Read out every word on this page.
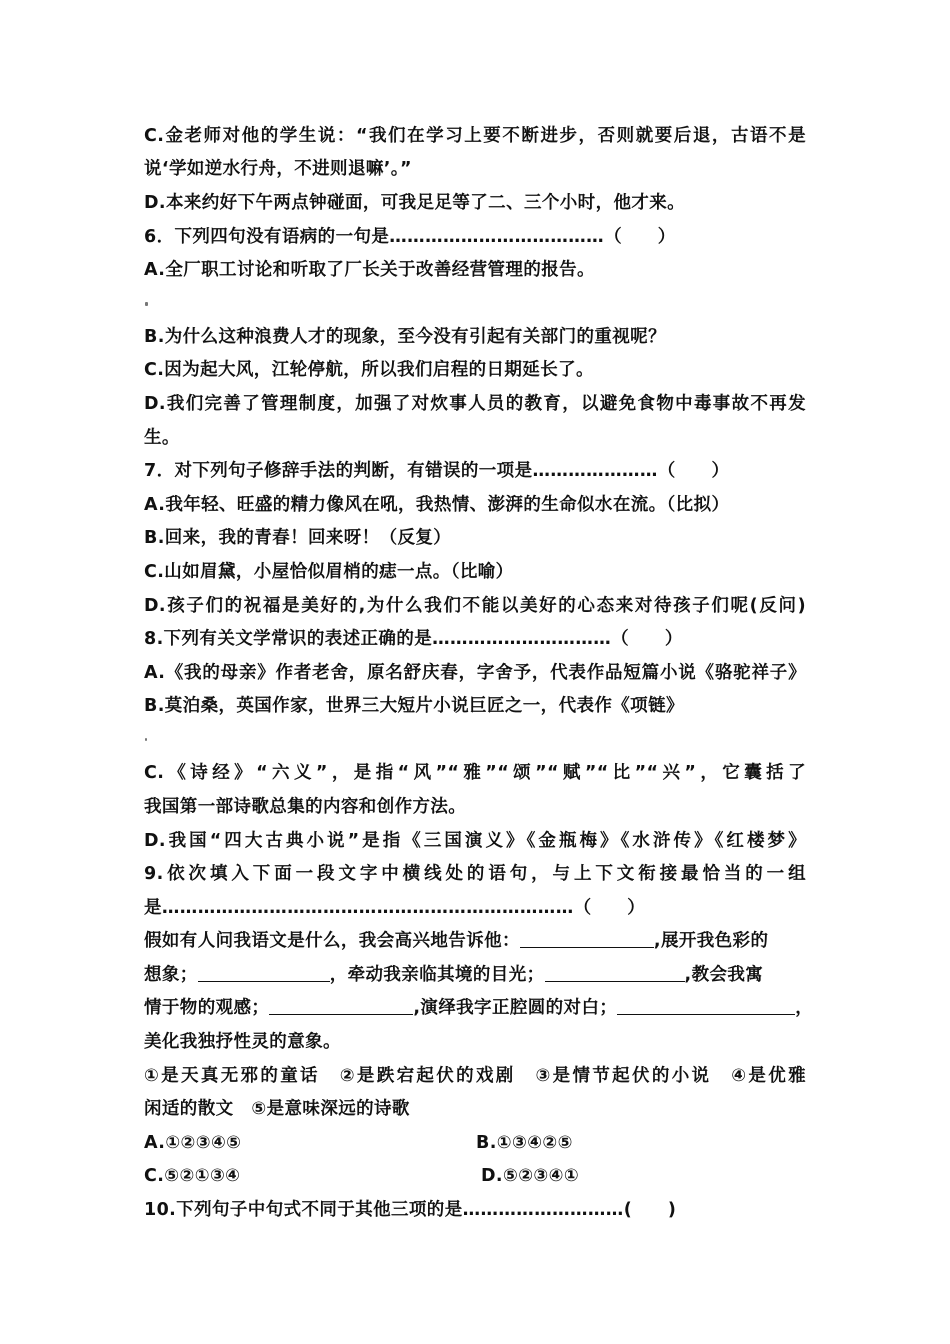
C.金老师对他的学生说：“我们在学习上要不断进步，否则就要后退，古语不是
说‘学如逆水行舟，不进则退嘛’。”
D.本来约好下午两点钟碰面，可我足足等了二、三个小时，他才来。
6．下列四句没有语病的一句是………………………………（　　）
A.全厂职工讨论和听取了厂长关于改善经营管理的报告。
B.为什么这种浪费人才的现象，至今没有引起有关部门的重视呢？
C.因为起大风，江轮停航，所以我们启程的日期延长了。
D.我们完善了管理制度，加强了对炊事人员的教育，以避免食物中毒事故不再发
生。
7．对下列句子修辞手法的判断，有错误的一项是…………………（　　）
A.我年轻、旺盛的精力像风在吼，我热情、澎湃的生命似水在流。（比拟）
B.回来，我的青春！回来呀！（反复）
C.山如眉黛，小屋恰似眉梢的痣一点。（比喻）
D.孩子们的祝福是美好的,为什么我们不能以美好的心态来对待孩子们呢(反问)
8.下列有关文学常识的表述正确的是…………………………（　　）
A.《我的母亲》作者老舍，原名舒庆春，字舍予，代表作品短篇小说《骆驼祥子》
B.莫泊桑，英国作家，世界三大短片小说巨匠之一，代表作《项链》
C.《诗经》“六义”，是指“风”“雅”“颂”“赋”“比”“兴”，它囊括了
我国第一部诗歌总集的内容和创作方法。
D.我国“四大古典小说”是指《三国演义》《金瓶梅》《水浒传》《红楼梦》
9.依次填入下面一段文字中横线处的语句，与上下文衔接最恰当的一组
是……………………………………………………………（　　）
假如有人问我语文是什么，我会高兴地告诉他：	,展开我色彩的
想象；	，牵动我亲临其境的目光；	,教会我寓
情于物的观感；	,演绎我字正腔圆的对白；	，
美化我独抒性灵的意象。
①是天真无邪的童话　②是跌宕起伏的戏剧　③是情节起伏的小说　④是优雅
闲适的散文　⑤是意味深远的诗歌
A.①②③④⑤	B.①③④②⑤
C.⑤②①③④	D.⑤②③④①
10.下列句子中句式不同于其他三项的是………………………(　　)
